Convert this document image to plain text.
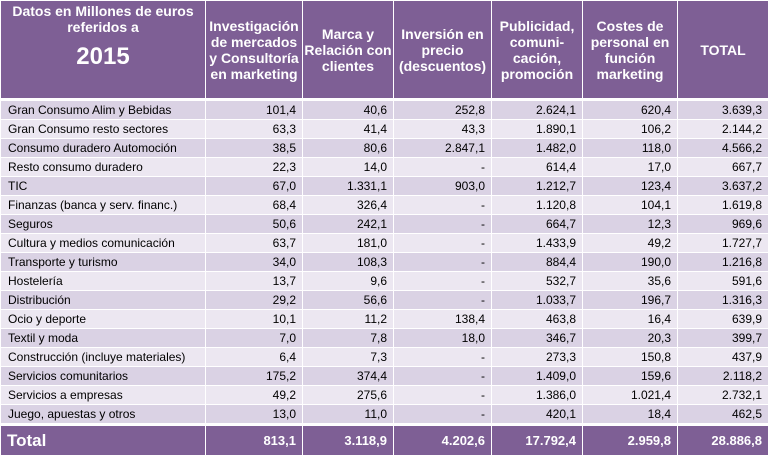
Datos en Millones de euros referidos a
2015	Investigación de mercados y Consultoría en marketing	Marca y Relación con clientes	Inversión en precio (descuentos)	Publicidad, comuni-cación, promoción	Costes de personal en función marketing	TOTAL
Gran Consumo Alim y Bebidas	101,4	40,6	252,8	2.624,1	620,4	3.639,3
Gran Consumo resto sectores	63,3	41,4	43,3	1.890,1	106,2	2.144,2
Consumo duradero Automoción	38,5	80,6	2.847,1	1.482,0	118,0	4.566,2
Resto consumo duradero	22,3	14,0	-	614,4	17,0	667,7
TIC	67,0	1.331,1	903,0	1.212,7	123,4	3.637,2
Finanzas (banca y serv. financ.)	68,4	326,4	-	1.120,8	104,1	1.619,8
Seguros	50,6	242,1	-	664,7	12,3	969,6
Cultura y medios comunicación	63,7	181,0	-	1.433,9	49,2	1.727,7
Transporte y turismo	34,0	108,3	-	884,4	190,0	1.216,8
Hostelería	13,7	9,6	-	532,7	35,6	591,6
Distribución	29,2	56,6	-	1.033,7	196,7	1.316,3
Ocio y deporte	10,1	11,2	138,4	463,8	16,4	639,9
Textil y moda	7,0	7,8	18,0	346,7	20,3	399,7
Construcción (incluye materiales)	6,4	7,3	-	273,3	150,8	437,9
Servicios comunitarios	175,2	374,4	-	1.409,0	159,6	2.118,2
Servicios a empresas	49,2	275,6	-	1.386,0	1.021,4	2.732,1
Juego, apuestas y otros	13,0	11,0	-	420,1	18,4	462,5
Total	813,1	3.118,9	4.202,6	17.792,4	2.959,8	28.886,8
